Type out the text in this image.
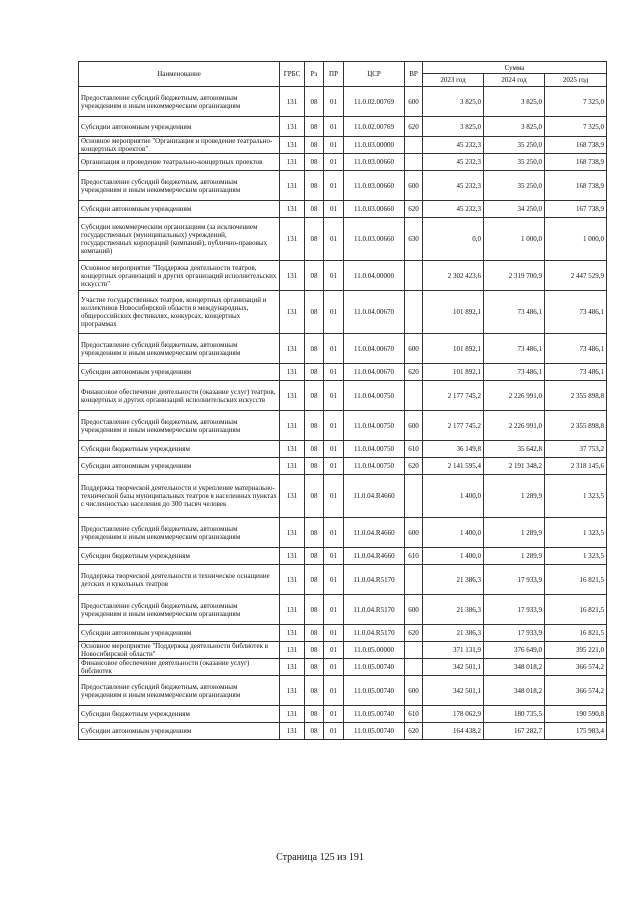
Наименование	ГРБС	Рз	ПР	ЦСР	ВР	Сумма		
						2023 год	2024 год	2025 год
Предоставление субсидий бюджетным, автономным учреждениям и иным некоммерческим организациям	131	08	01	11.0.02.00769	600	3 825,0	3 825,0	7 325,0
Субсидии автономным учреждениям	131	08	01	11.0.02.00769	620	3 825,0	3 825,0	7 325,0
Основное мероприятие "Организация и проведение театрально-концертных проектов"	131	08	01	11.0.03.00000		45 232,3	35 250,0	168 738,9
Организация и проведение театрально-концертных проектов	131	08	01	11.0.03.00660		45 232,3	35 250,0	168 738,9
Предоставление субсидий бюджетным, автономным учреждениям и иным некоммерческим организациям	131	08	01	11.0.03.00660	600	45 232,3	35 250,0	168 738,9
Субсидии автономным учреждениям	131	08	01	11.0.03.00660	620	45 232,3	34 250,0	167 738,9
Субсидии некоммерческим организациям (за исключением государственных (муниципальных) учреждений, государственных корпораций (компаний), публично-правовых компаний)	131	08	01	11.0.03.00660	630	0,0	1 000,0	1 000,0
Основное мероприятие "Поддержка деятельности театров, концертных организаций и других организаций исполнительских искусств"	131	08	01	11.0.04.00000		2 302 423,6	2 319 700,9	2 447 529,9
Участие государственных театров, концертных организаций и коллективов Новосибирской области в международных, общероссийских фестивалях, конкурсах, концертных программах	131	08	01	11.0.04.00670		101 892,1	73 486,1	73 486,1
Предоставление субсидий бюджетным, автономным учреждениям и иным некоммерческим организациям	131	08	01	11.0.04.00670	600	101 892,1	73 486,1	73 486,1
Субсидии автономным учреждениям	131	08	01	11.0.04.00670	620	101 892,1	73 486,1	73 486,1
Финансовое обеспечение деятельности (оказание услуг) театров, концертных и других организаций исполнительских искусств	131	08	01	11.0.04.00750		2 177 745,2	2 226 991,0	2 355 898,8
Предоставление субсидий бюджетным, автономным учреждениям и иным некоммерческим организациям	131	08	01	11.0.04.00750	600	2 177 745,2	2 226 991,0	2 355 898,8
Субсидии бюджетным учреждениям	131	08	01	11.0.04.00750	610	36 149,8	35 642,8	37 753,2
Субсидии автономным учреждениям	131	08	01	11.0.04.00750	620	2 141 595,4	2 191 348,2	2 318 145,6
Поддержка творческой деятельности и укрепление материально-технической базы муниципальных театров в населенных пунктах с численностью населения до 300 тысяч человек	131	08	01	11.0.04.R4660		1 400,0	1 289,9	1 323,5
Предоставление субсидий бюджетным, автономным учреждениям и иным некоммерческим организациям	131	08	01	11.0.04.R4660	600	1 400,0	1 289,9	1 323,5
Субсидии бюджетным учреждениям	131	08	01	11.0.04.R4660	610	1 400,0	1 289,9	1 323,5
Поддержка творческой деятельности и техническое оснащение детских и кукольных театров	131	08	01	11.0.04.R5170		21 386,3	17 933,9	16 821,5
Предоставление субсидий бюджетным, автономным учреждениям и иным некоммерческим организациям	131	08	01	11.0.04.R5170	600	21 386,3	17 933,9	16 821,5
Субсидии автономным учреждениям	131	08	01	11.0.04.R5170	620	21 386,3	17 933,9	16 821,5
Основное мероприятие "Поддержка деятельности библиотек в Новосибирской области"	131	08	01	11.0.05.00000		371 131,9	376 649,0	395 221,0
Финансовое обеспечение деятельности (оказание услуг) библиотек	131	08	01	11.0.05.00740		342 501,1	348 018,2	366 574,2
Предоставление субсидий бюджетным, автономным учреждениям и иным некоммерческим организациям	131	08	01	11.0.05.00740	600	342 501,1	348 018,2	366 574,2
Субсидии бюджетным учреждениям	131	08	01	11.0.05.00740	610	178 062,9	180 735,5	190 590,8
Субсидии автономным учреждениям	131	08	01	11.0.05.00740	620	164 438,2	167 282,7	175 983,4
Страница 125 из 191
